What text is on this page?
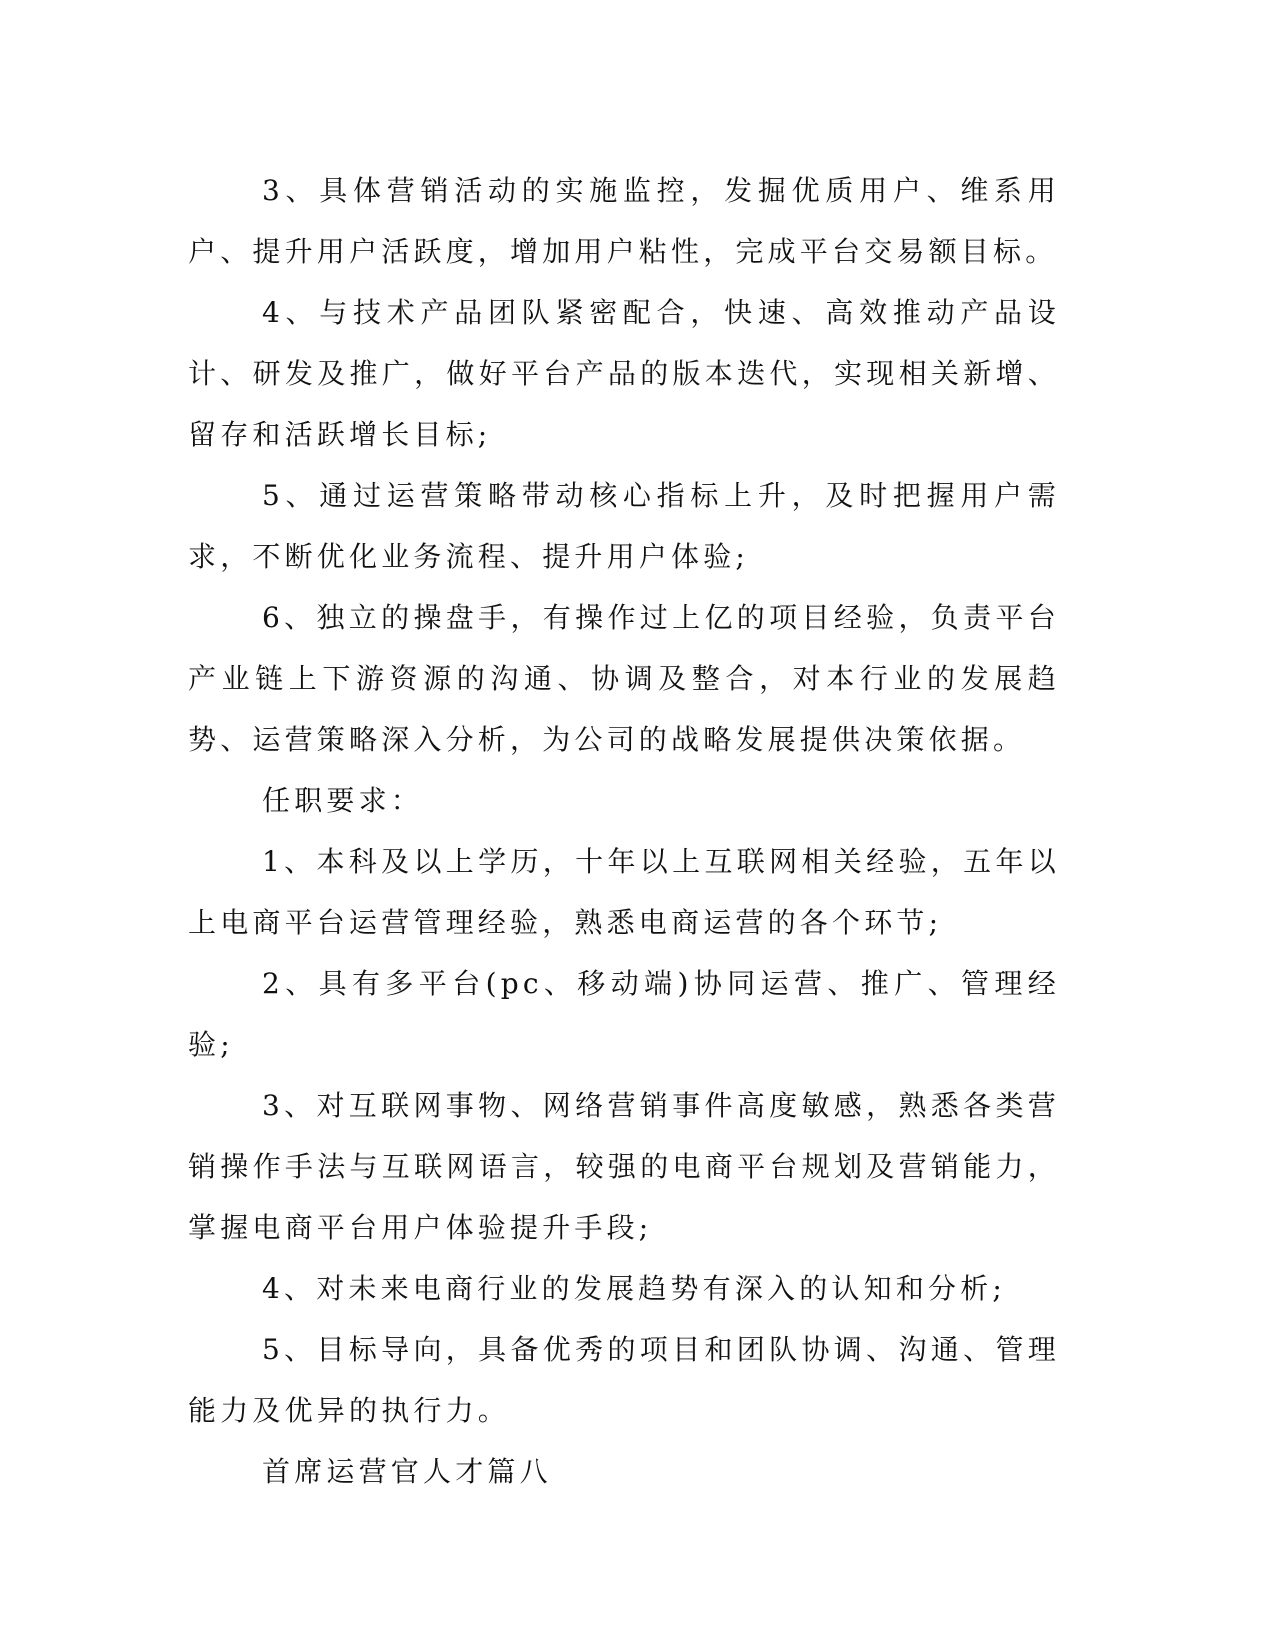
3、具体营销活动的实施监控，发掘优质用户、维系用户、提升用户活跃度，增加用户粘性，完成平台交易额目标。

4、与技术产品团队紧密配合，快速、高效推动产品设计、研发及推广，做好平台产品的版本迭代，实现相关新增、留存和活跃增长目标;

5、通过运营策略带动核心指标上升，及时把握用户需求，不断优化业务流程、提升用户体验;

6、独立的操盘手，有操作过上亿的项目经验，负责平台产业链上下游资源的沟通、协调及整合，对本行业的发展趋势、运营策略深入分析，为公司的战略发展提供决策依据。

任职要求：

1、本科及以上学历，十年以上互联网相关经验，五年以上电商平台运营管理经验，熟悉电商运营的各个环节;

2、具有多平台(pc、移动端)协同运营、推广、管理经验;

3、对互联网事物、网络营销事件高度敏感，熟悉各类营销操作手法与互联网语言，较强的电商平台规划及营销能力，掌握电商平台用户体验提升手段;

4、对未来电商行业的发展趋势有深入的认知和分析;

5、目标导向，具备优秀的项目和团队协调、沟通、管理能力及优异的执行力。

首席运营官人才篇八
